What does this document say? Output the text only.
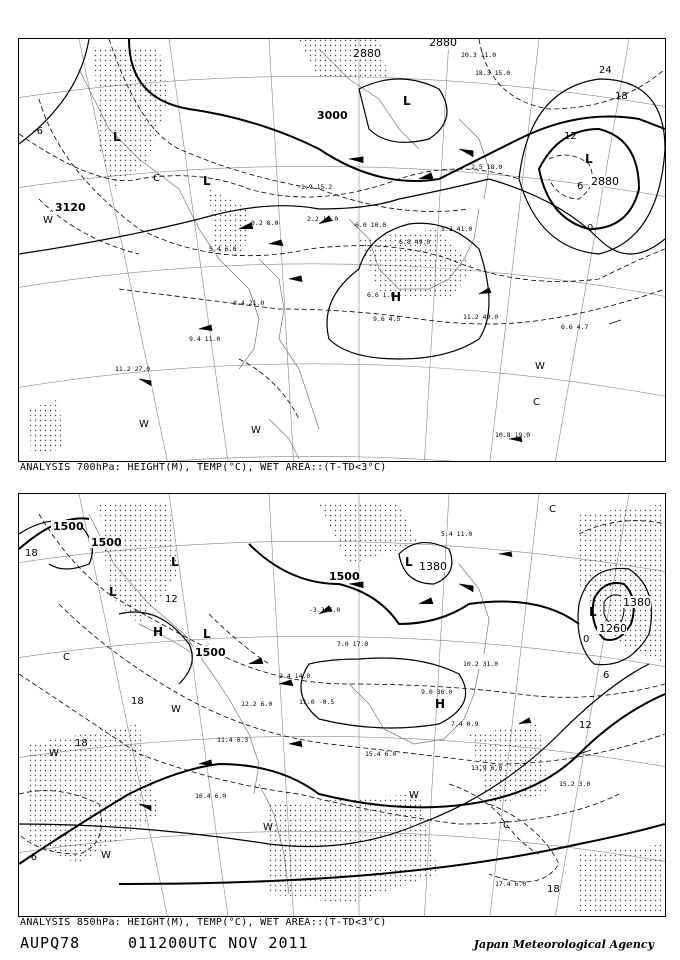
3120
3000
2880
2880
2880
-6
0
6
12
18
24
L
L
L
L
H
C
C
W
W
W
W
0.2 8.0	2.2 10.0
5.4 6.0
6.0 10.0
6.8 49.0
5.2 41.0
6.6 1.8
11.2 49.0
9.6 4.5
10.8 19.0
6.6 4.7
11.2 27.0
9.4 11.0
8.4 21.0
20.3 11.0
18.3 15.0
2.5 18.0
-1.9 15.2
ANALYSIS 700hPa: HEIGHT(M), TEMP(°C), WET AREA::(T-TD<3°C)
1500
1500
1500
1500
1380
1380
1260
18
18
18
12
12
6
0
-6
18
L
L
L
L
L
H
H
C
C
C
W
W
W
W
W
5.4 11.0
7.0 17.0
9.0 36.0
10.2 31.0
15.4 6.0
13.9 6.0
15.2 3.0
16.4 6.0
17.4 6.0
11.0 -0.5
12.2 6.0
7.4 0.9
-3.3 6.0
11.4 0.3
2.4 14.0
ANALYSIS 850hPa: HEIGHT(M), TEMP(°C), WET AREA::(T-TD<3°C)
AUPQ78	011200UTC NOV 2011	Japan Meteorological Agency
